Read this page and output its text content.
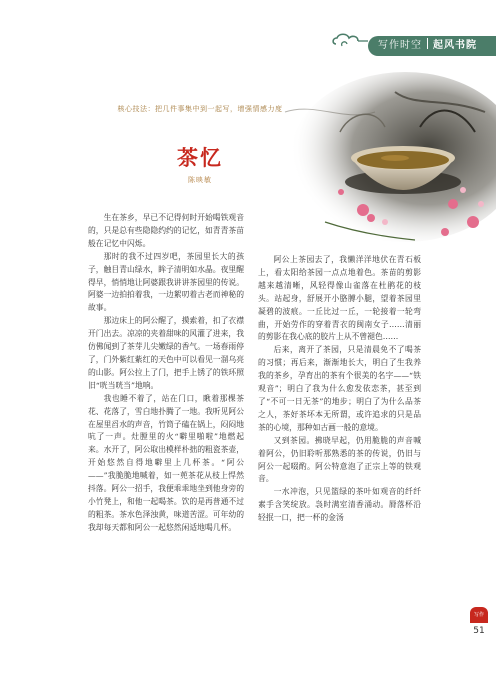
写作时空 起风书院
核心技法：把几件事集中到一起写，增强情感力度
茶忆
陈映敏

生在茶乡，早已不记得何时开始喝铁观音的，只是总有些隐隐约约的记忆，如青青茶苗般在记忆中闪烁。

那时的我不过四岁吧，茶园里长大的孩子，触目青山绿水，眸子清明如水晶。夜里醒得早，悄悄地让阿婆跟我讲讲茶园里的传说。阿婆一边拍拍着我，一边絮叨着古老而神秘的故事。

那边床上的阿公醒了，摸索着，扣了衣襟开门出去。凉凉的夹着甜味的风灌了进来，我仿佛闻到了茶芽儿尖嫩绿的香气。一场春雨停了，门外紫红紫红的天色中可以看见一溜乌亮的山影。阿公拉上了门，把手上锈了的铁环照旧“咣当咣当”地响。

我也睡不着了，站在门口，瞅着那棵茶花、花落了，雪白地扑腾了一地。我听见阿公在屋里舀水的声音，竹筒子磕在锅上，闷闷地吭了一声。灶膛里的火“噼里啪啦”地燃起来。水开了，阿公取出模样朴拙的粗瓷茶壶，开始悠然自得地噼里上几杯茶。“阿公——”我脆脆地喊着，如一蔸茶花从枝上悍然抖落。阿公一招手，我便乖乖地坐到他身旁的小竹凳上，和他一起喝茶。饮的是再普通不过的粗茶。茶水色泽浊黄，味道苦涩。可年幼的我却每天都和阿公一起悠然闲适地喝几杯。

阿公上茶园去了，我懒洋洋地伏在青石板上，看太阳给茶园一点点地着色。茶苗的剪影越来越清晰，风轻得像山雀落在杜鹃花的枝头。站起身，舒展开小胳膊小腿，望着茶园里凝碧的波痕。一丘比过一丘，一轮接着一轮弯曲，开始劳作的穿着青衣的闽南女子……清丽的剪影在我心底的胶片上从不曾褪色……

后来，离开了茶园，只是清晨免不了喝茶的习惯；再后来，渐渐地长大，明白了生我养我的茶乡，孕育出的茶有个很美的名字——“铁观音”；明白了我为什么愈发依恋茶，甚至到了“不可一日无茶”的地步；明白了为什么品茶之人，茶好茶坏本无所谓，或许追求的只是品茶的心境，那种如古画一般的意境。

又到茶园。拂晓早起，仍用脆脆的声音喊着阿公，仍旧聆听那熟悉的茶的传说，仍旧与阿公一起啜酌。阿公特意泡了正宗上等的铁观音。

一水冲泡，只见篮绿的茶叶如观音的纤纤素手含笑绽放。袅时满室清香涌动。脣落杯沿轻抿一口，把一杯的金汤

写作
51
